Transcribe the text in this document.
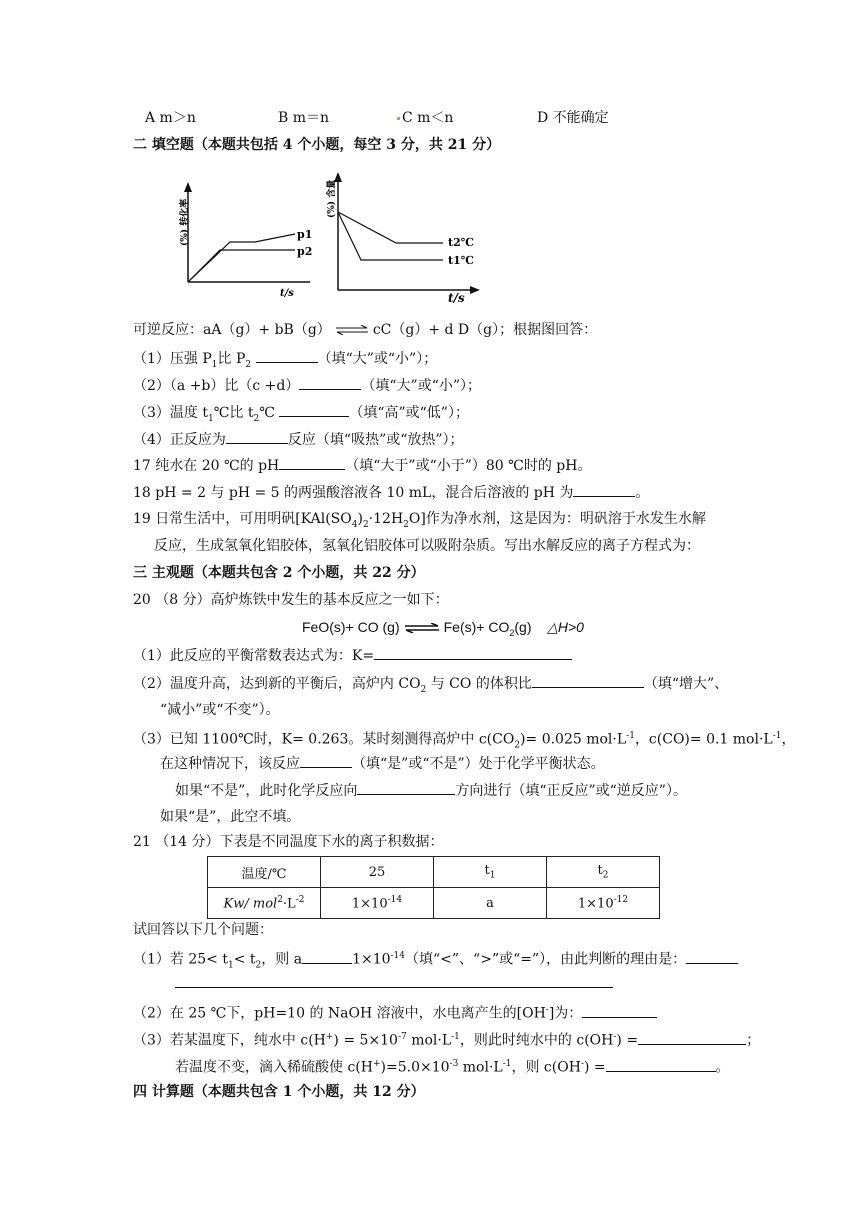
A m＞n	B m＝n	C m＜n	D 不能确定
二 填空题（本题共包括 4 个小题，每空 3 分，共 21 分）
(%) 转化率
t/s
p1
p2
(%) 含量
t/s
t2℃
t1℃
可逆反应：aA（g）+ bB（g） ⇌ cC（g）+ d D（g）；根据图回答：
（1）压强 $P_1$比 $P_2$	（填“大”或“小”）；
（2）（a +b）比（c +d）	（填“大”或“小”）；
（3）温度 $t_1℃$比 $t_2℃$	（填“高”或“低”）；
（4）正反应为	反应（填“吸热”或“放热”）；
17 纯水在 20 ℃的 pH	（填“大于”或“小于”）80 ℃时的 pH。
18 pH = 2 与 pH = 5 的两强酸溶液各 10 mL，混合后溶液的 pH 为	。
19 日常生活中，可用明矾$[KAl(SO_4)_2\cdot 12H_2O]$作为净水剂，这是因为：明矾溶于水发生水解
反应，生成氢氧化铝胶体，氢氧化铝胶体可以吸附杂质。写出水解反应的离子方程式为：
三 主观题（本题共包含 2 个小题，共 22 分）
20 （8 分）高炉炼铁中发生的基本反应之一如下：
FeO(s)+ CO (g) ⇌ $Fe(s)+ CO_2(g)$ △H>0
（1）此反应的平衡常数表达式为：K=
（2）温度升高，达到新的平衡后，高炉内 $CO_2$ 与 CO 的体积比	（填“增大”、
“减小”或“不变”）。
（3）已知 1100℃时，K= 0.263。某时刻测得高炉中 $c(CO_2)= 0.025$ $mol\cdot L^{-1}$，c(CO)= 0.1 $mol\cdot L^{-1}$，
在这种情况下，该反应	（填“是”或“不是”）处于化学平衡状态。
如果“不是”，此时化学反应向	方向进行（填“正反应”或“逆反应”）。
如果“是”，此空不填。
21 （14 分）下表是不同温度下水的离子积数据：
温度/℃	25	$t_1$	$t_2$
Kw/ $mol^2\cdot L^{-2}$	$1\times 10^{-14}$	a	$1\times 10^{-12}$
试回答以下几个问题：
（1）若 $25< t_1< t_2$，则 a	$1\times 10^{-14}$（填“<”、“>”或“=”），由此判断的理由是：
（2）在 25 ℃下，pH=10 的 NaOH 溶液中，水电离产生的[OH-]为：
（3）若某温度下，纯水中 $c(H^+) = 5\times 10^{-7}$ $mol\cdot L^{-1}$，则此时纯水中的 c(OH-) =	；
若温度不变，滴入稀硫酸使 $c(H^+)=5.0\times 10^{-3}$ $mol\cdot L^{-1}$，则 c(OH-) =	。
四 计算题（本题共包含 1 个小题，共 12 分）
